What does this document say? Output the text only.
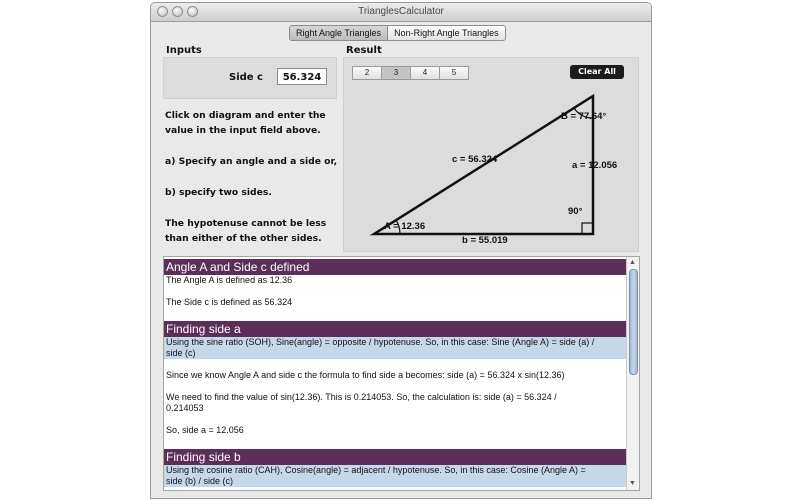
TrianglesCalculator
Right Angle Triangles	Non-Right Angle Triangles
Inputs
Side c	56.324
Click on diagram and enter the value in the input field above.
a) Specify an angle and a side or,
b) specify two sides.
The hypotenuse cannot be less than either of the other sides.
Result
2	3	4	5	Clear All
A = 12.36
B = 77.64°
90°
a = 12.056
b = 55.019
c = 56.324
Angle A and Side c defined
The Angle A is defined as 12.36

The Side c is defined as 56.324

Finding side a
Using the sine ratio (SOH), Sine(angle) = opposite / hypotenuse. So, in this case: Sine (Angle A) = side (a) /
side (c)

Since we know Angle A and side c the formula to find side a becomes: side (a) = 56.324 x sin(12.36)

We need to find the value of sin(12.36). This is 0.214053. So, the calculation is: side (a) = 56.324 /
0.214053

So, side a = 12.056

Finding side b
Using the cosine ratio (CAH), Cosine(angle) = adjacent / hypotenuse. So, in this case: Cosine (Angle A) =
side (b) / side (c)
▲
▼
